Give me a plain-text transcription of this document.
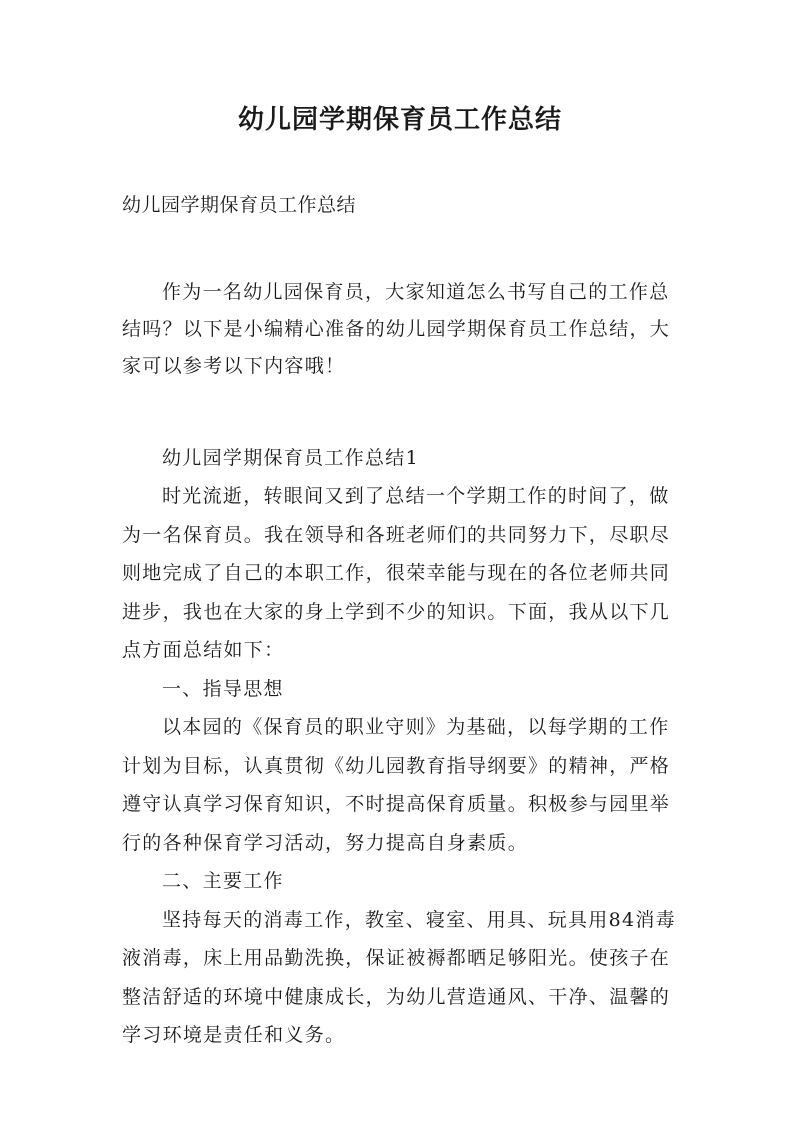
幼儿园学期保育员工作总结

幼儿园学期保育员工作总结

作为一名幼儿园保育员，大家知道怎么书写自己的工作总结吗？以下是小编精心准备的幼儿园学期保育员工作总结，大家可以参考以下内容哦！

幼儿园学期保育员工作总结1

时光流逝，转眼间又到了总结一个学期工作的时间了，做为一名保育员。我在领导和各班老师们的共同努力下，尽职尽则地完成了自己的本职工作，很荣幸能与现在的各位老师共同进步，我也在大家的身上学到不少的知识。下面，我从以下几点方面总结如下：

一、指导思想

以本园的《保育员的职业守则》为基础，以每学期的工作计划为目标，认真贯彻《幼儿园教育指导纲要》的精神，严格遵守认真学习保育知识，不时提高保育质量。积极参与园里举行的各种保育学习活动，努力提高自身素质。

二、主要工作

坚持每天的消毒工作，教室、寝室、用具、玩具用84消毒液消毒，床上用品勤洗换，保证被褥都晒足够阳光。使孩子在整洁舒适的环境中健康成长，为幼儿营造通风、干净、温馨的学习环境是责任和义务。
